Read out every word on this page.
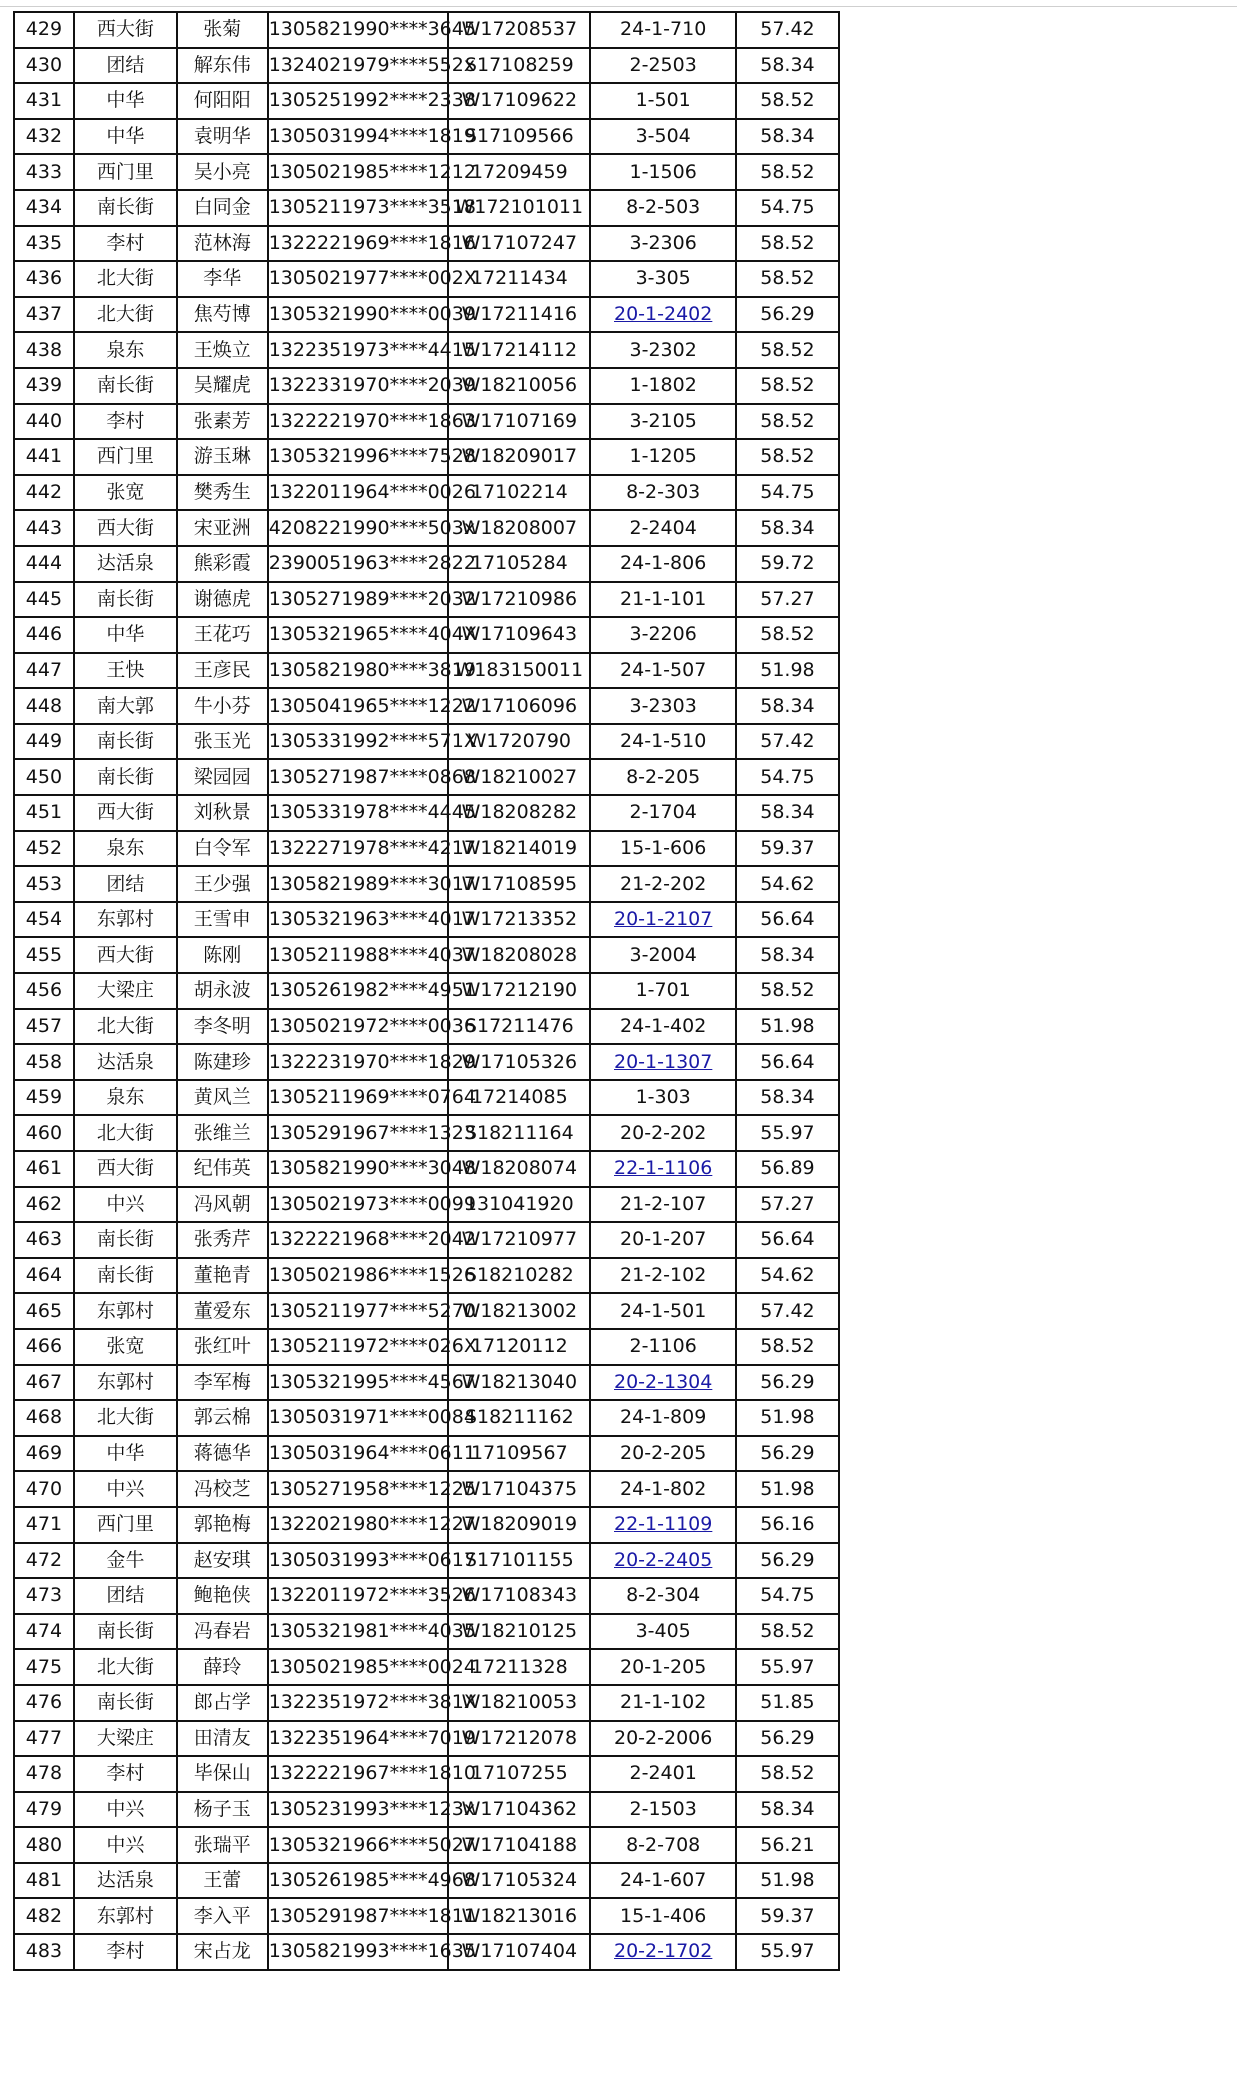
429	西大街	张菊	1305821990****3645	W17208537	24-1-710	57.42
430	团结	解东伟	1324021979****552x	S17108259	2-2503	58.34
431	中华	何阳阳	1305251992****2338	W17109622	1-501	58.52
432	中华	袁明华	1305031994****1819	S17109566	3-504	58.34
433	西门里	吴小亮	1305021985****1212	17209459	1-1506	58.52
434	南长街	白同金	1305211973****3518	W172101011	8-2-503	54.75
435	李村	范林海	1322221969****1816	W17107247	3-2306	58.52
436	北大街	李华	1305021977****002X	17211434	3-305	58.52
437	北大街	焦芍博	1305321990****0039	W17211416	20-1-2402	56.29
438	泉东	王焕立	1322351973****4415	W17214112	3-2302	58.52
439	南长街	吴耀虎	1322331970****2039	W18210056	1-1802	58.52
440	李村	张素芳	1322221970****1863	W17107169	3-2105	58.52
441	西门里	游玉琳	1305321996****7528	W18209017	1-1205	58.52
442	张宽	樊秀生	1322011964****0026	17102214	8-2-303	54.75
443	西大街	宋亚洲	4208221990****503x	W18208007	2-2404	58.34
444	达活泉	熊彩霞	2390051963****2822	17105284	24-1-806	59.72
445	南长街	谢德虎	1305271989****2032	W17210986	21-1-101	57.27
446	中华	王花巧	1305321965****404X	W17109643	3-2206	58.52
447	王快	王彦民	1305821980****3819	W183150011	24-1-507	51.98
448	南大郭	牛小芬	1305041965****1222	W17106096	3-2303	58.34
449	南长街	张玉光	1305331992****571X	W1720790	24-1-510	57.42
450	南长街	梁园园	1305271987****0868	W18210027	8-2-205	54.75
451	西大街	刘秋景	1305331978****4445	W18208282	2-1704	58.34
452	泉东	白令军	1322271978****4217	W18214019	15-1-606	59.37
453	团结	王少强	1305821989****3017	W17108595	21-2-202	54.62
454	东郭村	王雪申	1305321963****4017	W17213352	20-1-2107	56.64
455	西大街	陈刚	1305211988****4037	W18208028	3-2004	58.34
456	大梁庄	胡永波	1305261982****4951	W17212190	1-701	58.52
457	北大街	李冬明	1305021972****0036	S17211476	24-1-402	51.98
458	达活泉	陈建珍	1322231970****1829	W17105326	20-1-1307	56.64
459	泉东	黄风兰	1305211969****0764	17214085	1-303	58.34
460	北大街	张维兰	1305291967****1323	S18211164	20-2-202	55.97
461	西大街	纪伟英	1305821990****3048	W18208074	22-1-1106	56.89
462	中兴	冯风朝	1305021973****0099	131041920	21-2-107	57.27
463	南长街	张秀芹	1322221968****2042	W17210977	20-1-207	56.64
464	南长街	董艳青	1305021986****1526	S18210282	21-2-102	54.62
465	东郭村	董爱东	1305211977****5270	W18213002	24-1-501	57.42
466	张宽	张红叶	1305211972****026X	17120112	2-1106	58.52
467	东郭村	李军梅	1305321995****4567	W18213040	20-2-1304	56.29
468	北大街	郭云棉	1305031971****0084	S18211162	24-1-809	51.98
469	中华	蒋德华	1305031964****0611	17109567	20-2-205	56.29
470	中兴	冯校芝	1305271958****1225	W17104375	24-1-802	51.98
471	西门里	郭艳梅	1322021980****1227	W18209019	22-1-1109	56.16
472	金牛	赵安琪	1305031993****0617	S17101155	20-2-2405	56.29
473	团结	鲍艳侠	1322011972****3526	W17108343	8-2-304	54.75
474	南长街	冯春岩	1305321981****4035	W18210125	3-405	58.52
475	北大街	薛玲	1305021985****0024	17211328	20-1-205	55.97
476	南长街	郎占学	1322351972****381X	W18210053	21-1-102	51.85
477	大梁庄	田清友	1322351964****7019	W17212078	20-2-2006	56.29
478	李村	毕保山	1322221967****1810	17107255	2-2401	58.52
479	中兴	杨子玉	1305231993****123x	W17104362	2-1503	58.34
480	中兴	张瑞平	1305321966****5027	W17104188	8-2-708	56.21
481	达活泉	王蕾	1305261985****4968	W17105324	24-1-607	51.98
482	东郭村	李入平	1305291987****1811	W18213016	15-1-406	59.37
483	李村	宋占龙	1305821993****1635	W17107404	20-2-1702	55.97
